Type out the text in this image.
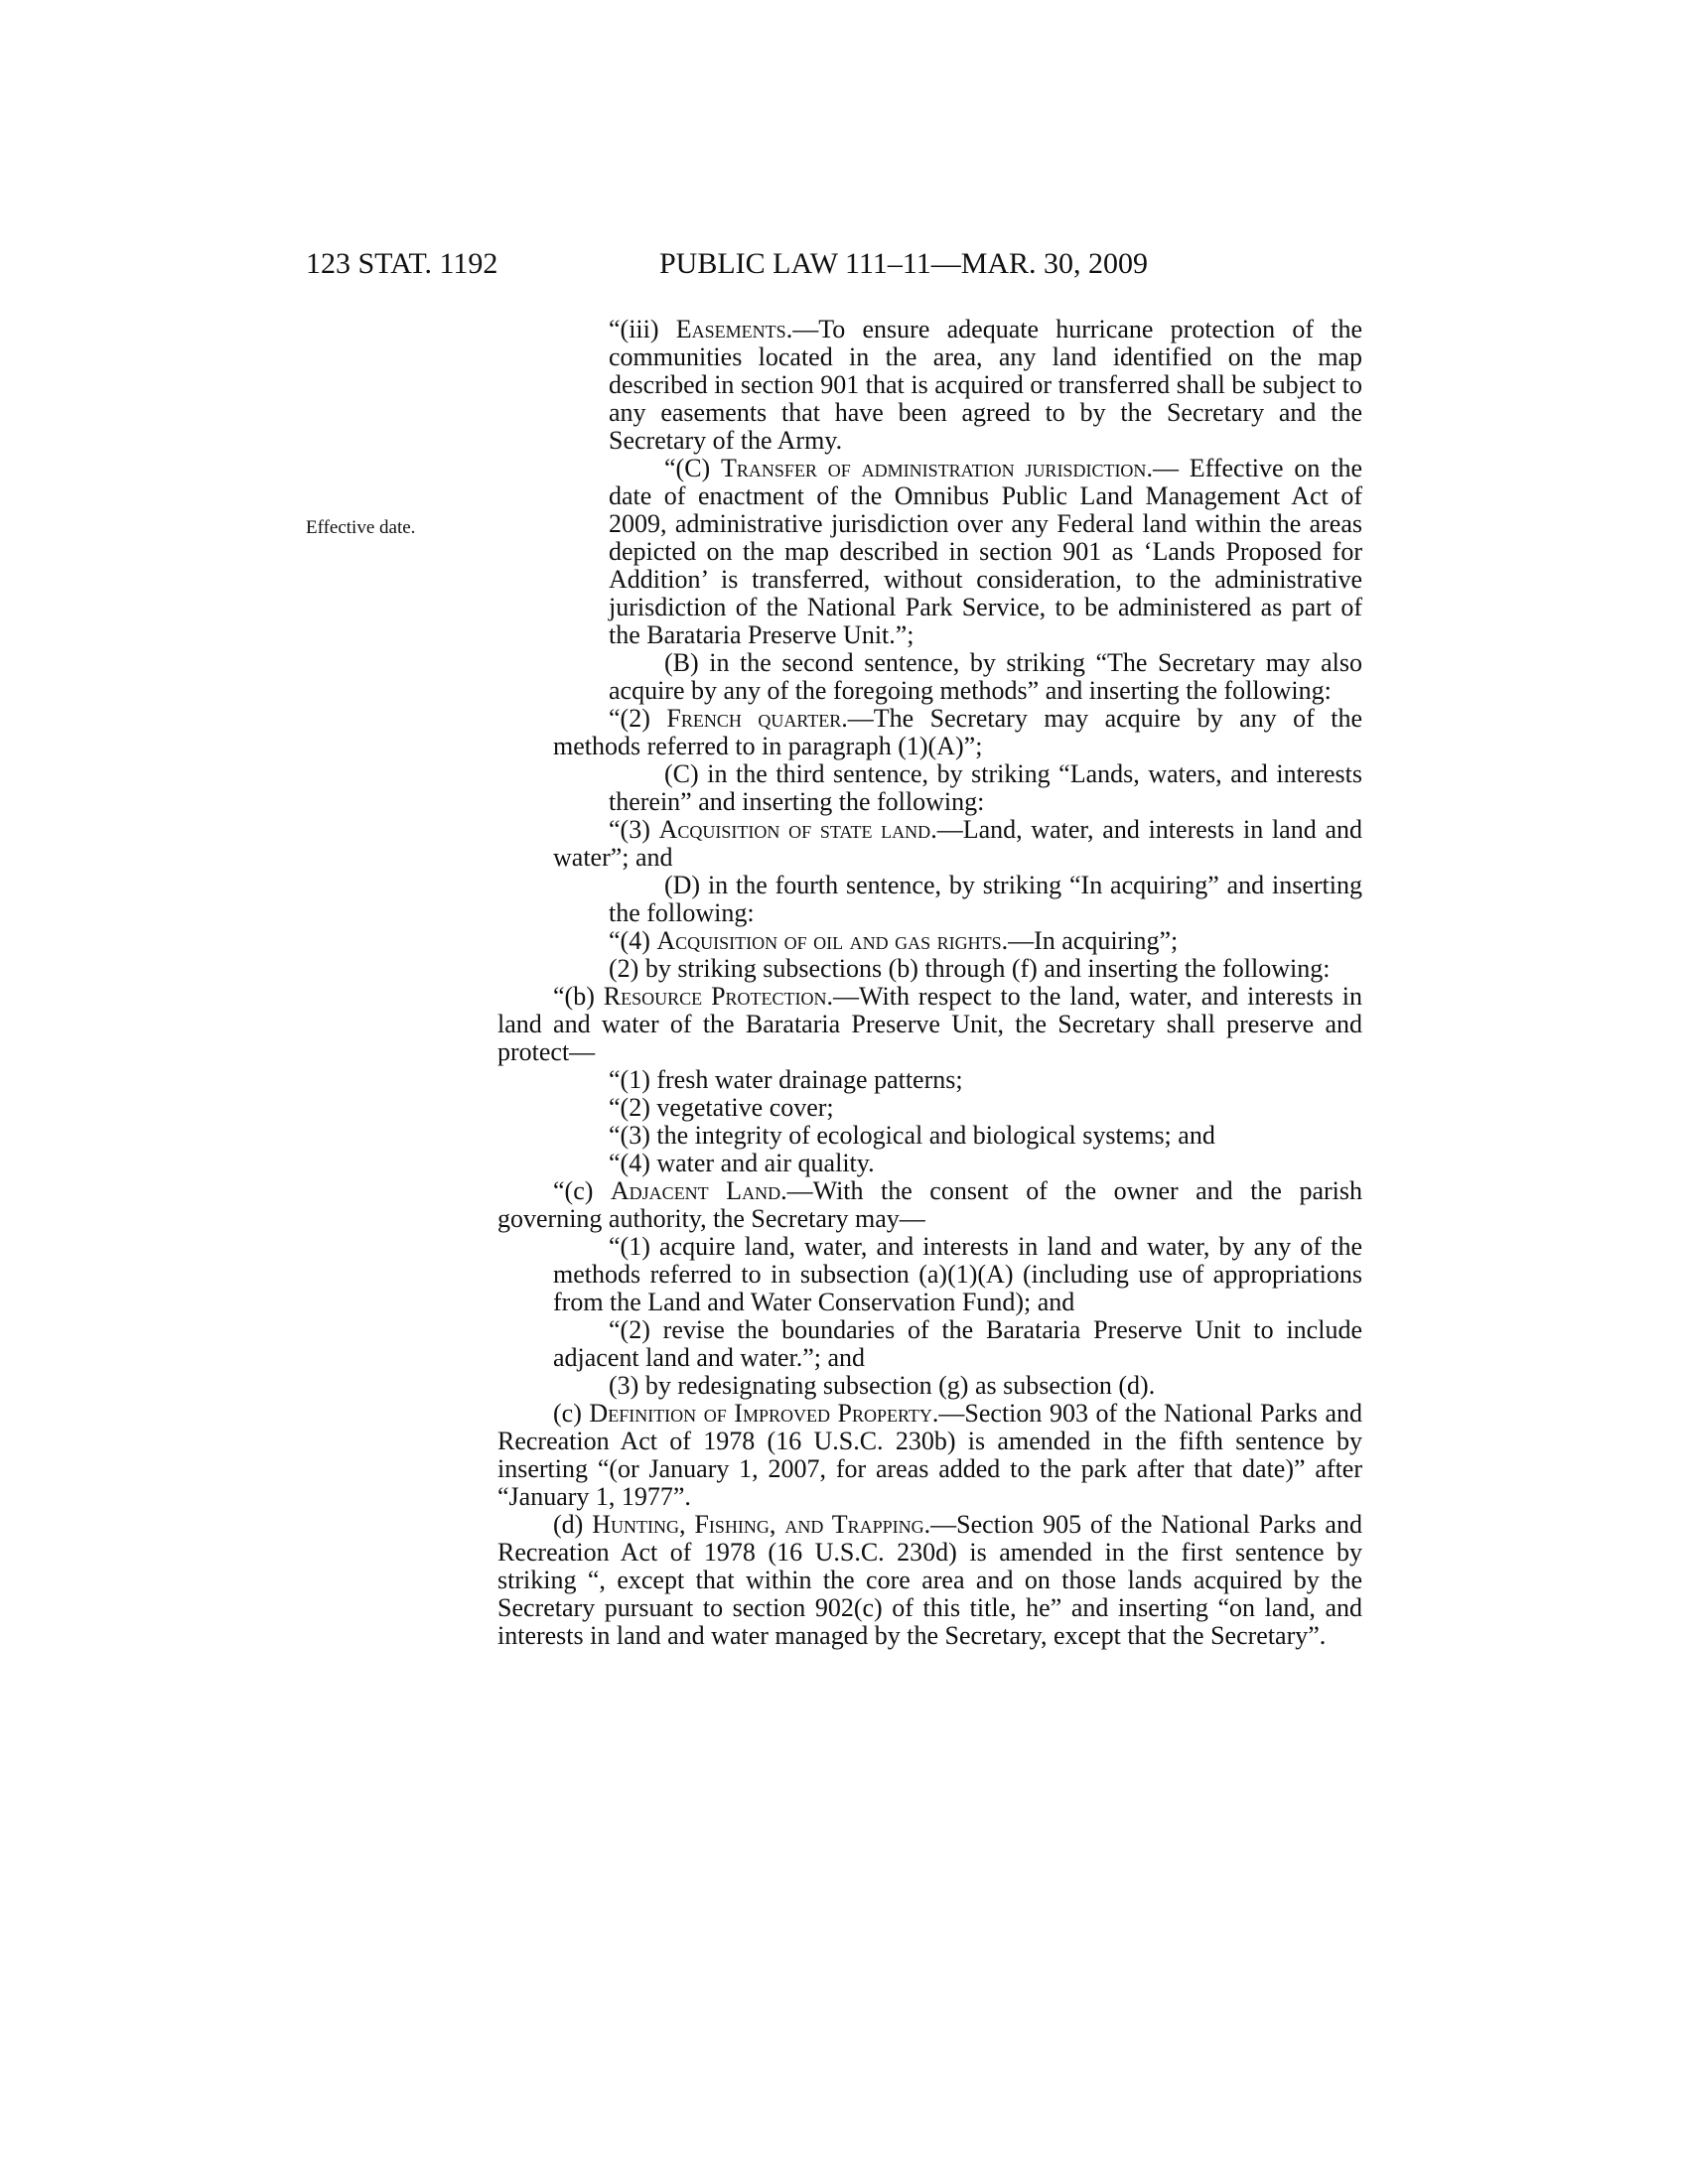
123 STAT. 1192	PUBLIC LAW 111–11—MAR. 30, 2009
Effective date.

“(iii) Easements.—To ensure adequate hurricane protection of the communities located in the area, any land identified on the map described in section 901 that is acquired or transferred shall be subject to any easements that have been agreed to by the Secretary and the Secretary of the Army.

“(C) Transfer of administration jurisdiction.— Effective on the date of enactment of the Omnibus Public Land Management Act of 2009, administrative jurisdiction over any Federal land within the areas depicted on the map described in section 901 as ‘Lands Proposed for Addition’ is transferred, without consideration, to the administrative jurisdiction of the National Park Service, to be administered as part of the Barataria Preserve Unit.”;

(B) in the second sentence, by striking “The Secretary may also acquire by any of the foregoing methods” and inserting the following:

“(2) French quarter.—The Secretary may acquire by any of the methods referred to in paragraph (1)(A)”;

(C) in the third sentence, by striking “Lands, waters, and interests therein” and inserting the following:

“(3) Acquisition of state land.—Land, water, and interests in land and water”; and

(D) in the fourth sentence, by striking “In acquiring” and inserting the following:

“(4) Acquisition of oil and gas rights.—In acquiring”;

(2) by striking subsections (b) through (f) and inserting the following:

“(b) Resource Protection.—With respect to the land, water, and interests in land and water of the Barataria Preserve Unit, the Secretary shall preserve and protect—

“(1) fresh water drainage patterns;

“(2) vegetative cover;

“(3) the integrity of ecological and biological systems; and

“(4) water and air quality.

“(c) Adjacent Land.—With the consent of the owner and the parish governing authority, the Secretary may—

“(1) acquire land, water, and interests in land and water, by any of the methods referred to in subsection (a)(1)(A) (including use of appropriations from the Land and Water Conservation Fund); and

“(2) revise the boundaries of the Barataria Preserve Unit to include adjacent land and water.”; and

(3) by redesignating subsection (g) as subsection (d).

(c) Definition of Improved Property.—Section 903 of the National Parks and Recreation Act of 1978 (16 U.S.C. 230b) is amended in the fifth sentence by inserting “(or January 1, 2007, for areas added to the park after that date)” after “January 1, 1977”.

(d) Hunting, Fishing, and Trapping.—Section 905 of the National Parks and Recreation Act of 1978 (16 U.S.C. 230d) is amended in the first sentence by striking “, except that within the core area and on those lands acquired by the Secretary pursuant to section 902(c) of this title, he” and inserting “on land, and interests in land and water managed by the Secretary, except that the Secretary”.
